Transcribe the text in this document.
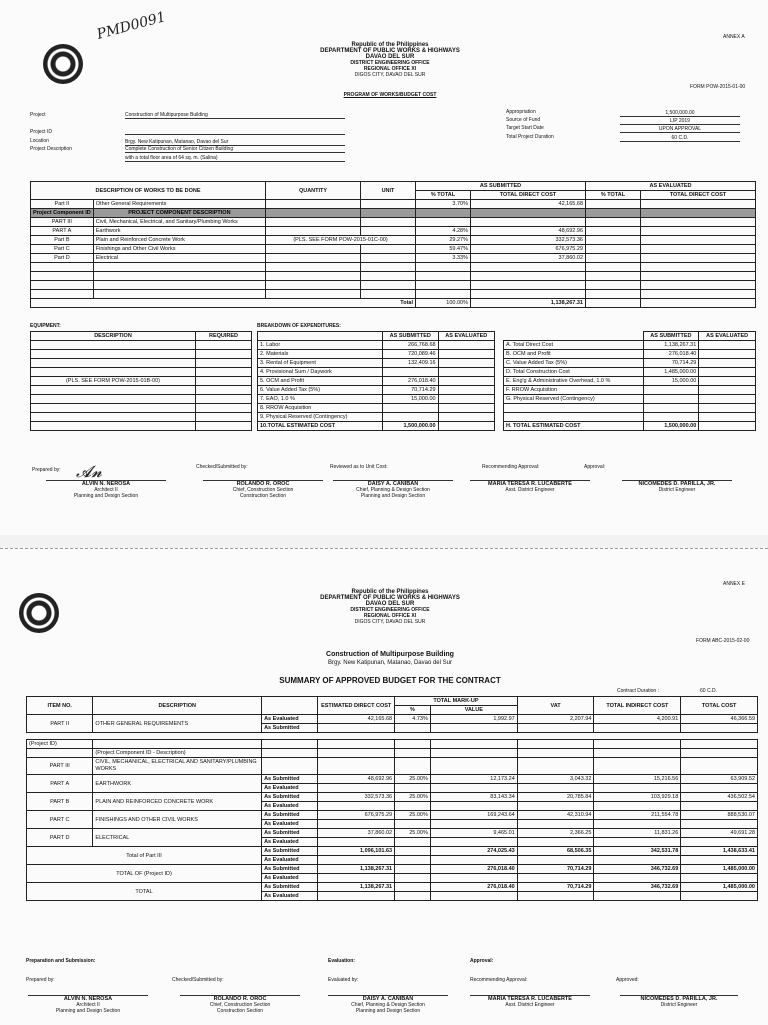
PMD0091	ANNEX A
Republic of the Philippines
DEPARTMENT OF PUBLIC WORKS & HIGHWAYS
DAVAO DEL SUR
DISTRICT ENGINEERING OFFICE
REGIONAL OFFICE XI
DIGOS CITY, DAVAO DEL SUR
FORM POW-2015-01-00
PROGRAM OF WORKS/BUDGET COST
Project	Construction of Multipurpose Building
Project ID
Location	Brgy. New Katipunan, Matanao, Davao del Sur
Project Description	Complete Construction of Senior Citizen Building
with a total floor area of 64 sq. m. (Salina)
Appropriation	1,500,000.00
Source of Fund	LIP 2019
Target Start Date	UPON APPROVAL
Total Project Duration	60 C.D.
DESCRIPTION OF WORKS TO BE DONE		QUANTITY	UNIT	AS SUBMITTED		AS EVALUATED	
				% TOTAL	TOTAL DIRECT COST	% TOTAL	TOTAL DIRECT COST
Part II	Other General Requirements			3.70%	42,165.68		
Project Component ID	PROJECT COMPONENT DESCRIPTION						
PART III	Civil, Mechanical, Electrical, and Sanitary/Plumbing Works						
PART A	Earthwork			4.28%	48,692.96		
Part B	Plain and Reinforced Concrete Work	(PLS. SEE FORM POW-2015-01C-00)		29.27%	332,573.36		
Part C	Finishings and Other Civil Works			59.47%	676,975.29		
Part D	Electrical			3.33%	37,860.02		

Total				100.00%	1,138,267.31		
EQUIPMENT:
DESCRIPTION	REQUIRED

(PLS. SEE FORM POW-2015-01B-00)	

BREAKDOWN OF EXPENDITURES:
	AS SUBMITTED	AS EVALUATED
1. Labor	266,768.68	
2. Materials	720,089.46	
3. Rental of Equipment	132,409.16	
4. Provisional Sum / Daywork		
5. OCM and Profit	276,018.40	
6. Value Added Tax (5%)	70,714.29	
7. EAO, 1.0 %	15,000.00	
8. RROW Acquisition		
9. Physical Reserved (Contingency)		
10.TOTAL ESTIMATED COST	1,500,000.00	
	AS SUBMITTED	AS EVALUATED
A. Total Direct Cost	1,138,267.31	
B. OCM and Profit	276,018.40	
C. Value Added Tax (5%)	70,714.29	
D. Total Construction Cost	1,485,000.00	
E. Eng'g & Administrative Overhead, 1.0 %	15,000.00	
F. RROW Acquisition		
G. Physical Reserved (Contingency)		

H. TOTAL ESTIMATED COST	1,500,000.00	
Prepared by: 𝓐𝓷
ALVIN N. NEROSA
Architect II
Planning and Design Section
Checked/Submitted by:
ROLANDO R. OROC
Chief, Construction Section
Construction Section
Reviewed as to Unit Cost:
DAISY A. CANIBAN
Chief, Planning & Design Section
Planning and Design Section
Recommending Approval:
MARIA TERESA R. LUCABERTE
Asst. District Engineer
Approval:
NICOMEDES D. PARILLA, JR.
District Engineer
ANNEX E
Republic of the Philippines
DEPARTMENT OF PUBLIC WORKS & HIGHWAYS
DAVAO DEL SUR
DISTRICT ENGINEERING OFFICE
REGIONAL OFFICE XI
DIGOS CITY, DAVAO DEL SUR
FORM ABC-2015-02-00
Construction of Multipurpose Building
Brgy. New Katipunan, Matanao, Davao del Sur
SUMMARY OF APPROVED BUDGET FOR THE CONTRACT
Contract Duration :	60 C.D.
ITEM NO.	DESCRIPTION		ESTIMATED DIRECT COST	TOTAL MARK-UP		VAT	TOTAL INDIRECT COST	TOTAL COST
				%	VALUE			
PART II	OTHER GENERAL REQUIREMENTS	As Evaluated	42,165.68	4.73%	1,992.97	2,207.94	4,200.91	46,366.59
		As Submitted						

(Project ID)								
	(Project Component ID - Description)							
PART III	CIVIL, MECHANICAL, ELECTRICAL AND SANITARY/PLUMBING WORKS							
PART A	EARTHWORK	As Submitted	48,692.96	25.00%	12,173.24	3,043.32	15,216.56	63,909.52
		As Evaluated						
PART B	PLAIN AND REINFORCED CONCRETE WORK	As Submitted	332,573.36	25.00%	83,143.34	20,785.84	103,929.18	436,502.54
		As Evaluated						
PART C	FINISHINGS AND OTHER CIVIL WORKS	As Submitted	676,975.29	25.00%	169,243.64	42,310.94	211,554.78	888,530.07
		As Evaluated						
PART D	ELECTRICAL	As Submitted	37,860.02	25.00%	9,465.01	2,366.25	11,831.26	49,691.28
		As Evaluated						
Total of Part III		As Submitted	1,096,101.63		274,025.43	68,506.35	342,531.78	1,438,633.41
		As Evaluated						
TOTAL OF (Project ID)		As Submitted	1,138,267.31		276,018.40	70,714.29	346,732.69	1,485,000.00
		As Evaluated						
TOTAL		As Submitted	1,138,267.31		276,018.40	70,714.29	346,732.69	1,485,000.00
		As Evaluated						
Preparation and Submission:	Evaluation:	Approval:
Prepared by:
ALVIN N. NEROSA
Architect II
Planning and Design Section
Checked/Submitted by:
ROLANDO R. OROC
Chief, Construction Section
Construction Section
Evaluated by:
DAISY A. CANIBAN
Chief, Planning & Design Section
Planning and Design Section
Recommending Approval:
MARIA TERESA R. LUCABERTE
Asst. District Engineer
Approved:
NICOMEDES D. PARILLA, JR.
District Engineer
